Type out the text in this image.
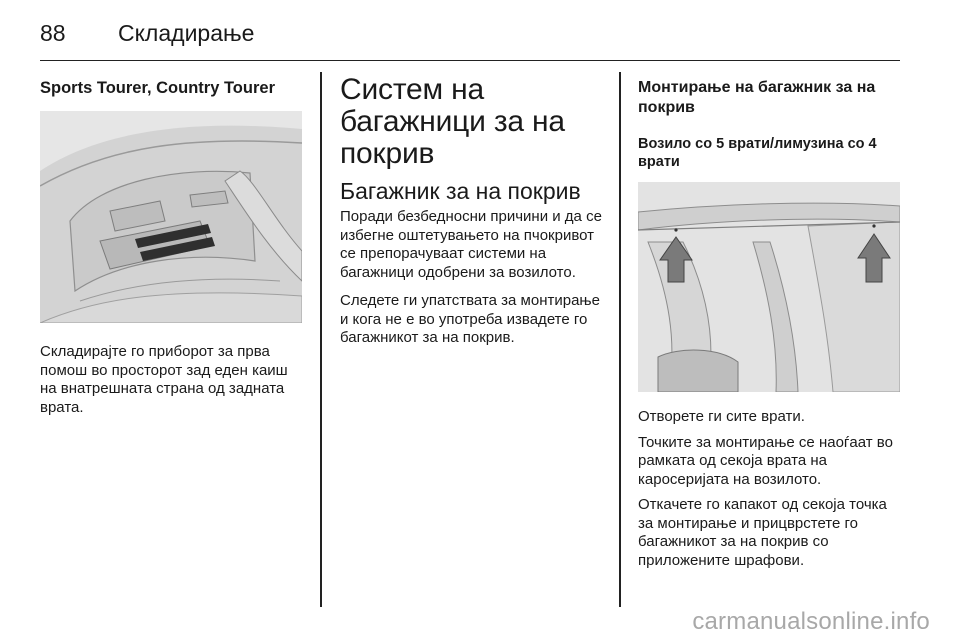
88 Складирање
Sports Tourer, Country Tourer

Складирајте го приборот за прва помош во просторот зад еден каиш на внатрешната страна од задната врата.

Систем на багажници за на покрив
Багажник за на покрив

Поради безбедносни причини и да се избегне оштетувањето на пчокривот се препорачуваат системи на багажници одобрени за возилото.

Следете ги упатствата за монтирање и кога не е во употреба извадете го багажникот за на покрив.

Монтирање на багажник за на покрив
Возило со 5 врати/лимузина со 4 врати

Отворете ги сите врати.

Точките за монтирање се наоѓаат во рамката од секоја врата на каросеријата на возилото.

Откачете го капакот од секоја точка за монтирање и прицврстете го багажникот за на покрив со приложените шрафови.

carmanualsonline.info
